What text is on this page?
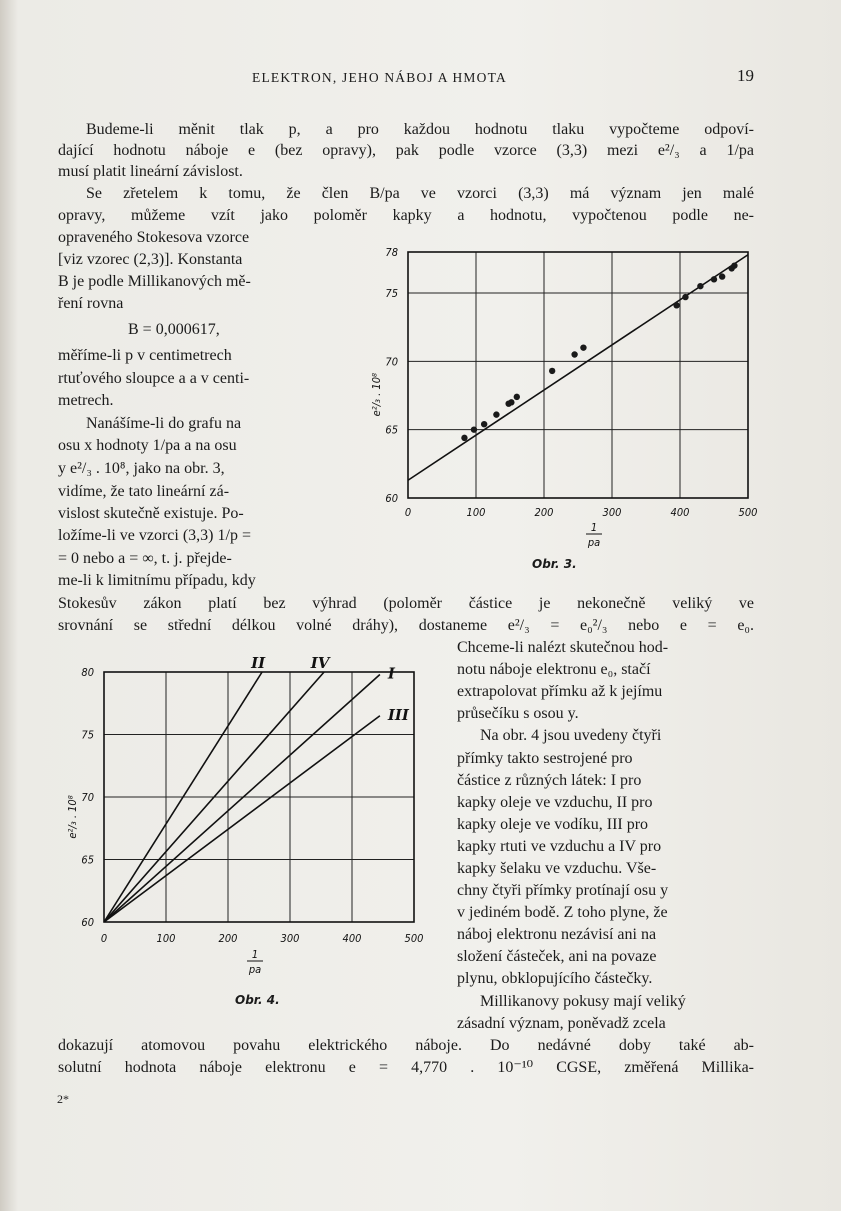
ELEKTRON, JEHO NÁBOJ A HMOTA	19
Budeme-li měnit tlak p, a pro každou hodnotu tlaku vypočteme odpoví-
dající hodnotu náboje e (bez opravy), pak podle vzorce (3,3) mezi e²/₃ a 1/pa
musí platit lineární závislost.
Se zřetelem k tomu, že člen B/pa ve vzorci (3,3) má význam jen malé
opravy, můžeme vzít jako poloměr kapky a hodnotu, vypočtenou podle ne-
opraveného Stokesova vzorce
[viz vzorec (2,3)]. Konstanta
B je podle Millikanových mě-
ření rovna
B = 0,000617,
měříme-li p v centimetrech
rtuťového sloupce a a v centi-
metrech.
Nanášíme-li do grafu na
osu x hodnoty 1/pa a na osu
y e²/₃ . 10⁸, jako na obr. 3,
vidíme, že tato lineární zá-
vislost skutečně existuje. Po-
ložíme-li ve vzorci (3,3) 1/p =
= 0 nebo a = ∞, t. j. přejde-
me-li k limitnímu případu, kdy
Stokesův zákon platí bez výhrad (poloměr částice je nekonečně veliký ve
srovnání se střední délkou volné dráhy), dostaneme e²/₃ = e₀²/₃ nebo e = e₀.
Chceme-li nalézt skutečnou hod-
notu náboje elektronu e₀, stačí
extrapolovat přímku až k jejímu
průsečíku s osou y.
Na obr. 4 jsou uvedeny čtyři
přímky takto sestrojené pro
částice z různých látek: I pro
kapky oleje ve vzduchu, II pro
kapky oleje ve vodíku, III pro
kapky rtuti ve vzduchu a IV pro
kapky šelaku ve vzduchu. Vše-
chny čtyři přímky protínají osu y
v jediném bodě. Z toho plyne, že
náboj elektronu nezávisí ani na
složení částeček, ani na povaze
plynu, obklopujícího částečky.
Millikanovy pokusy mají veliký
zásadní význam, poněvadž zcela
dokazují atomovou povahu elektrického náboje. Do nedávné doby také ab-
solutní hodnota náboje elektronu e = 4,770 . 10⁻¹⁰ CGSE, změřená Millika-
2*
0	100	200	300	400	500
60
65
70
75
78
e²/₃ . 10⁸
1
pa
Obr. 3.
0	100	200	300	400	500
60
65
70
75
80
e²/₃ . 10⁸
1
pa
II	IV
I
III
Obr. 4.
